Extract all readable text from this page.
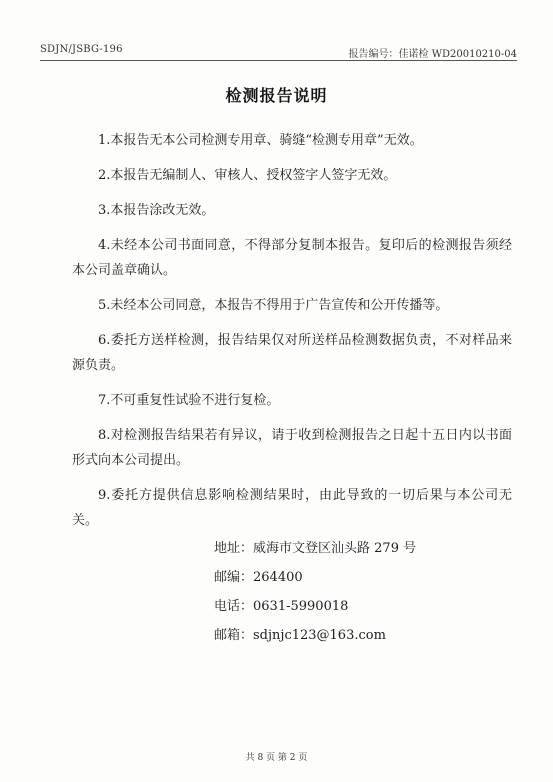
SDJN/JSBG-196	报告编号：佳诺检 WD20010210-04
检测报告说明

1.本报告无本公司检测专用章、骑缝“检测专用章”无效。

2.本报告无编制人、审核人、授权签字人签字无效。

3.本报告涂改无效。

4.未经本公司书面同意，不得部分复制本报告。复印后的检测报告须经本公司盖章确认。

5.未经本公司同意，本报告不得用于广告宣传和公开传播等。

6.委托方送样检测，报告结果仅对所送样品检测数据负责，不对样品来源负责。

7.不可重复性试验不进行复检。

8.对检测报告结果若有异议，请于收到检测报告之日起十五日内以书面形式向本公司提出。

9.委托方提供信息影响检测结果时，由此导致的一切后果与本公司无关。

地址：威海市文登区汕头路 279 号
邮编：264400
电话：0631-5990018
邮箱：sdjnjc123@163.com
共 8 页 第 2 页
